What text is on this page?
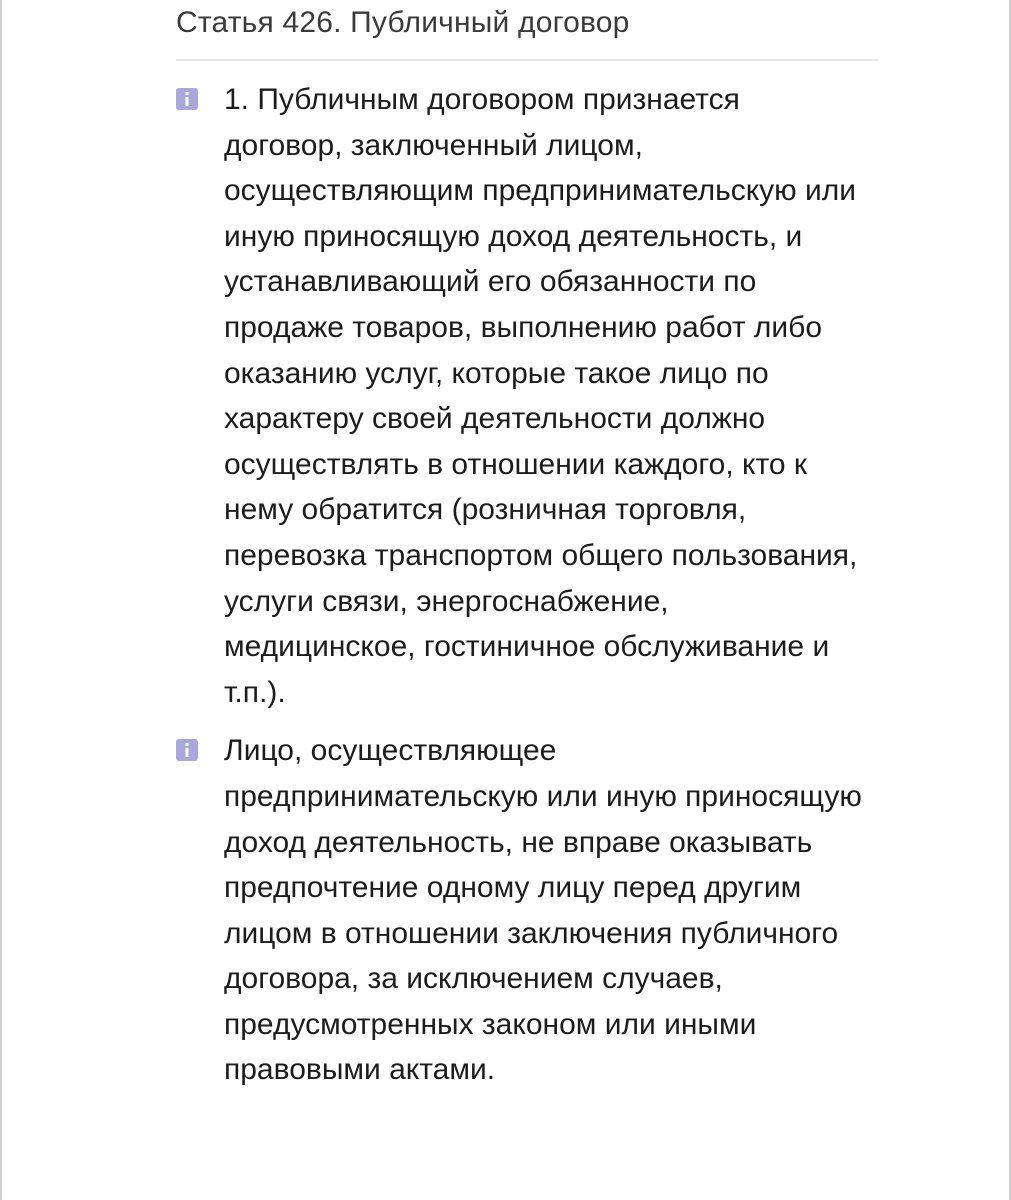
Статья 426. Публичный договор
1. Публичным договором признается договор, заключенный лицом, осуществляющим предпринимательскую или иную приносящую доход деятельность, и устанавливающий его обязанности по продаже товаров, выполнению работ либо оказанию услуг, которые такое лицо по характеру своей деятельности должно осуществлять в отношении каждого, кто к нему обратится (розничная торговля, перевозка транспортом общего пользования, услуги связи, энергоснабжение, медицинское, гостиничное обслуживание и т.п.).
Лицо, осуществляющее предпринимательскую или иную приносящую доход деятельность, не вправе оказывать предпочтение одному лицу перед другим лицом в отношении заключения публичного договора, за исключением случаев, предусмотренных законом или иными правовыми актами.
